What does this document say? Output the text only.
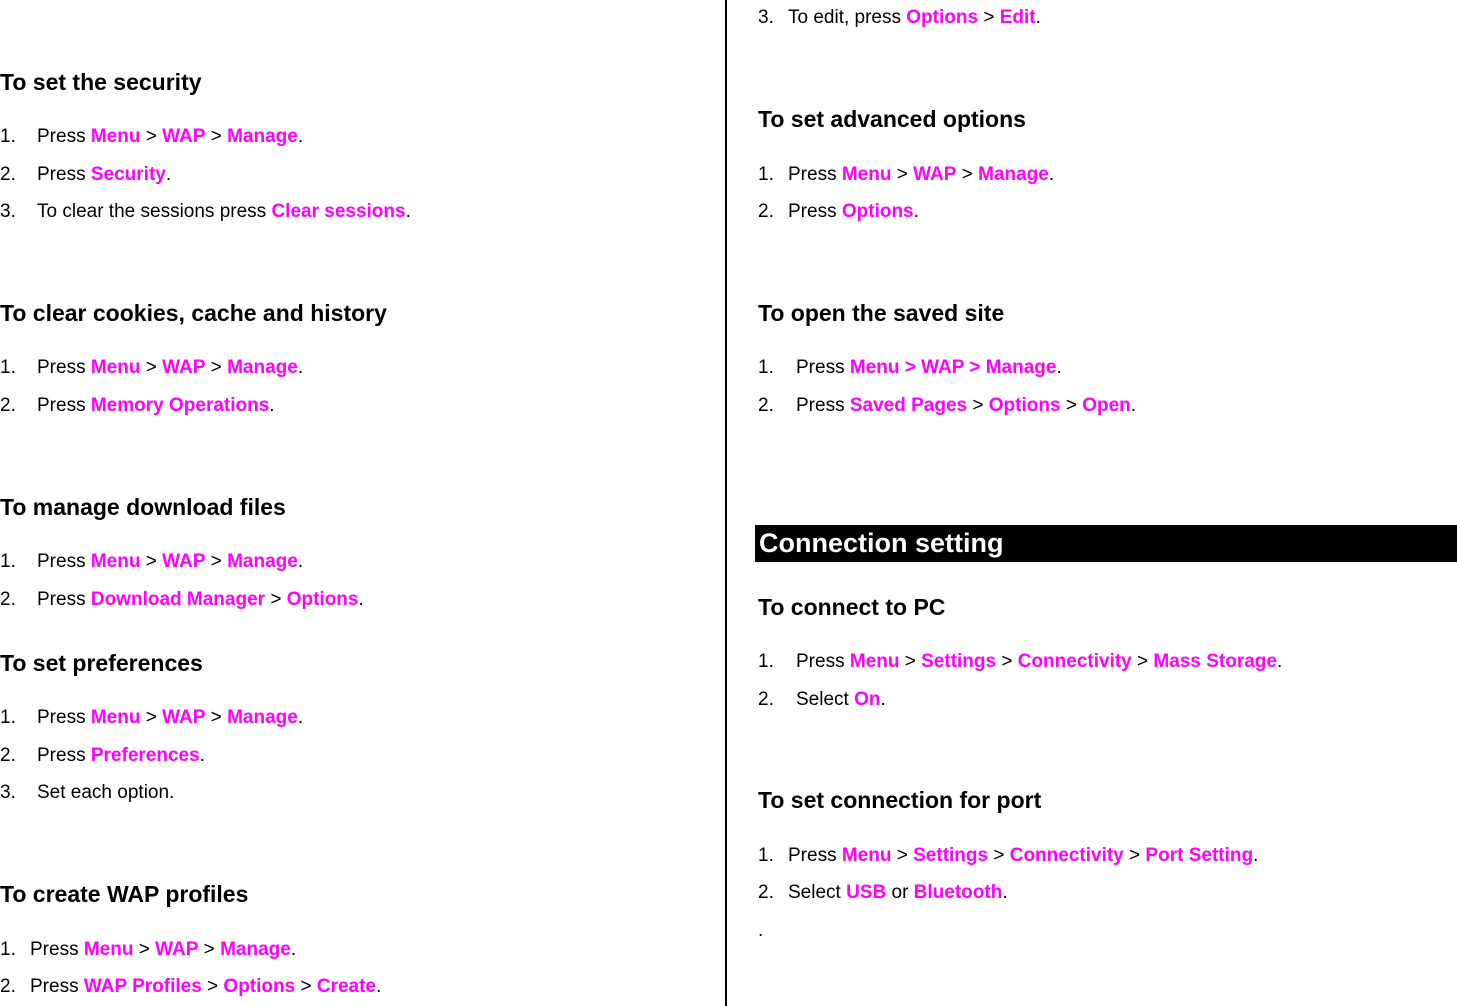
To set the security
1. Press Menu > WAP > Manage.
2. Press Security.
3. To clear the sessions press Clear sessions.
To clear cookies, cache and history
1. Press Menu > WAP > Manage.
2. Press Memory Operations.
To manage download files
1. Press Menu > WAP > Manage.
2. Press Download Manager > Options.
To set preferences
1. Press Menu > WAP > Manage.
2. Press Preferences.
3. Set each option.
To create WAP profiles
1. Press Menu > WAP > Manage.
2. Press WAP Profiles > Options > Create.
3. To edit, press Options > Edit.
To set advanced options
1. Press Menu > WAP > Manage.
2. Press Options.
To open the saved site
1. Press Menu > WAP > Manage.
2. Press Saved Pages > Options > Open.
Connection setting
To connect to PC
1. Press Menu > Settings > Connectivity > Mass Storage.
2. Select On.
To set connection for port
1. Press Menu > Settings > Connectivity > Port Setting.
2. Select USB or Bluetooth.
.
